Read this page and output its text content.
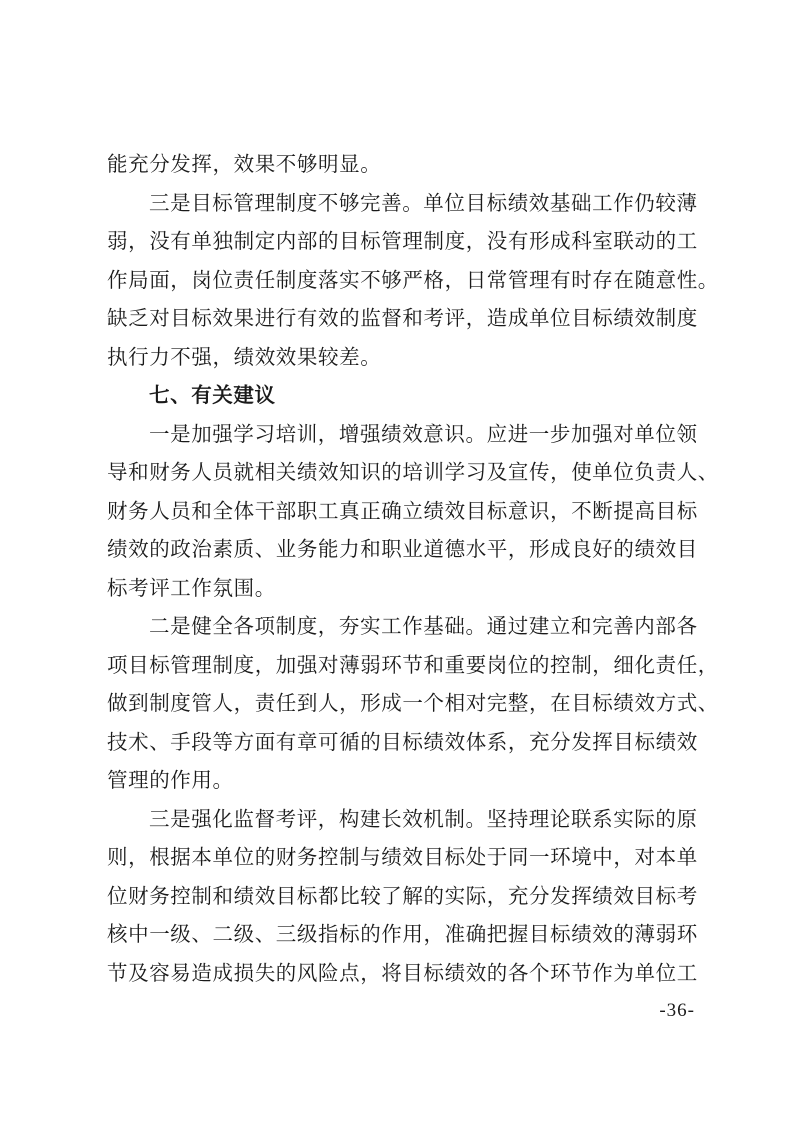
能充分发挥，效果不够明显。
三是目标管理制度不够完善。单位目标绩效基础工作仍较薄
弱，没有单独制定内部的目标管理制度，没有形成科室联动的工
作局面，岗位责任制度落实不够严格，日常管理有时存在随意性。
缺乏对目标效果进行有效的监督和考评，造成单位目标绩效制度
执行力不强，绩效效果较差。
七、有关建议
一是加强学习培训，增强绩效意识。应进一步加强对单位领
导和财务人员就相关绩效知识的培训学习及宣传，使单位负责人、
财务人员和全体干部职工真正确立绩效目标意识，不断提高目标
绩效的政治素质、业务能力和职业道德水平，形成良好的绩效目
标考评工作氛围。
二是健全各项制度，夯实工作基础。通过建立和完善内部各
项目标管理制度，加强对薄弱环节和重要岗位的控制，细化责任，
做到制度管人，责任到人，形成一个相对完整，在目标绩效方式、
技术、手段等方面有章可循的目标绩效体系，充分发挥目标绩效
管理的作用。
三是强化监督考评，构建长效机制。坚持理论联系实际的原
则，根据本单位的财务控制与绩效目标处于同一环境中，对本单
位财务控制和绩效目标都比较了解的实际，充分发挥绩效目标考
核中一级、二级、三级指标的作用，准确把握目标绩效的薄弱环
节及容易造成损失的风险点，将目标绩效的各个环节作为单位工
-36-
